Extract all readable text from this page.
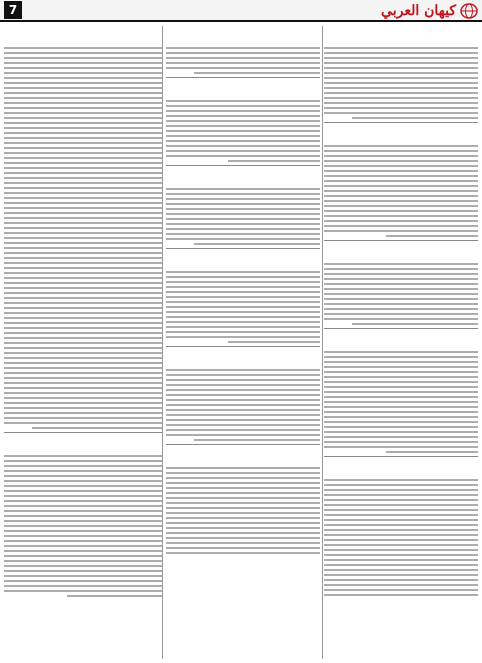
7	كيهان العربي
